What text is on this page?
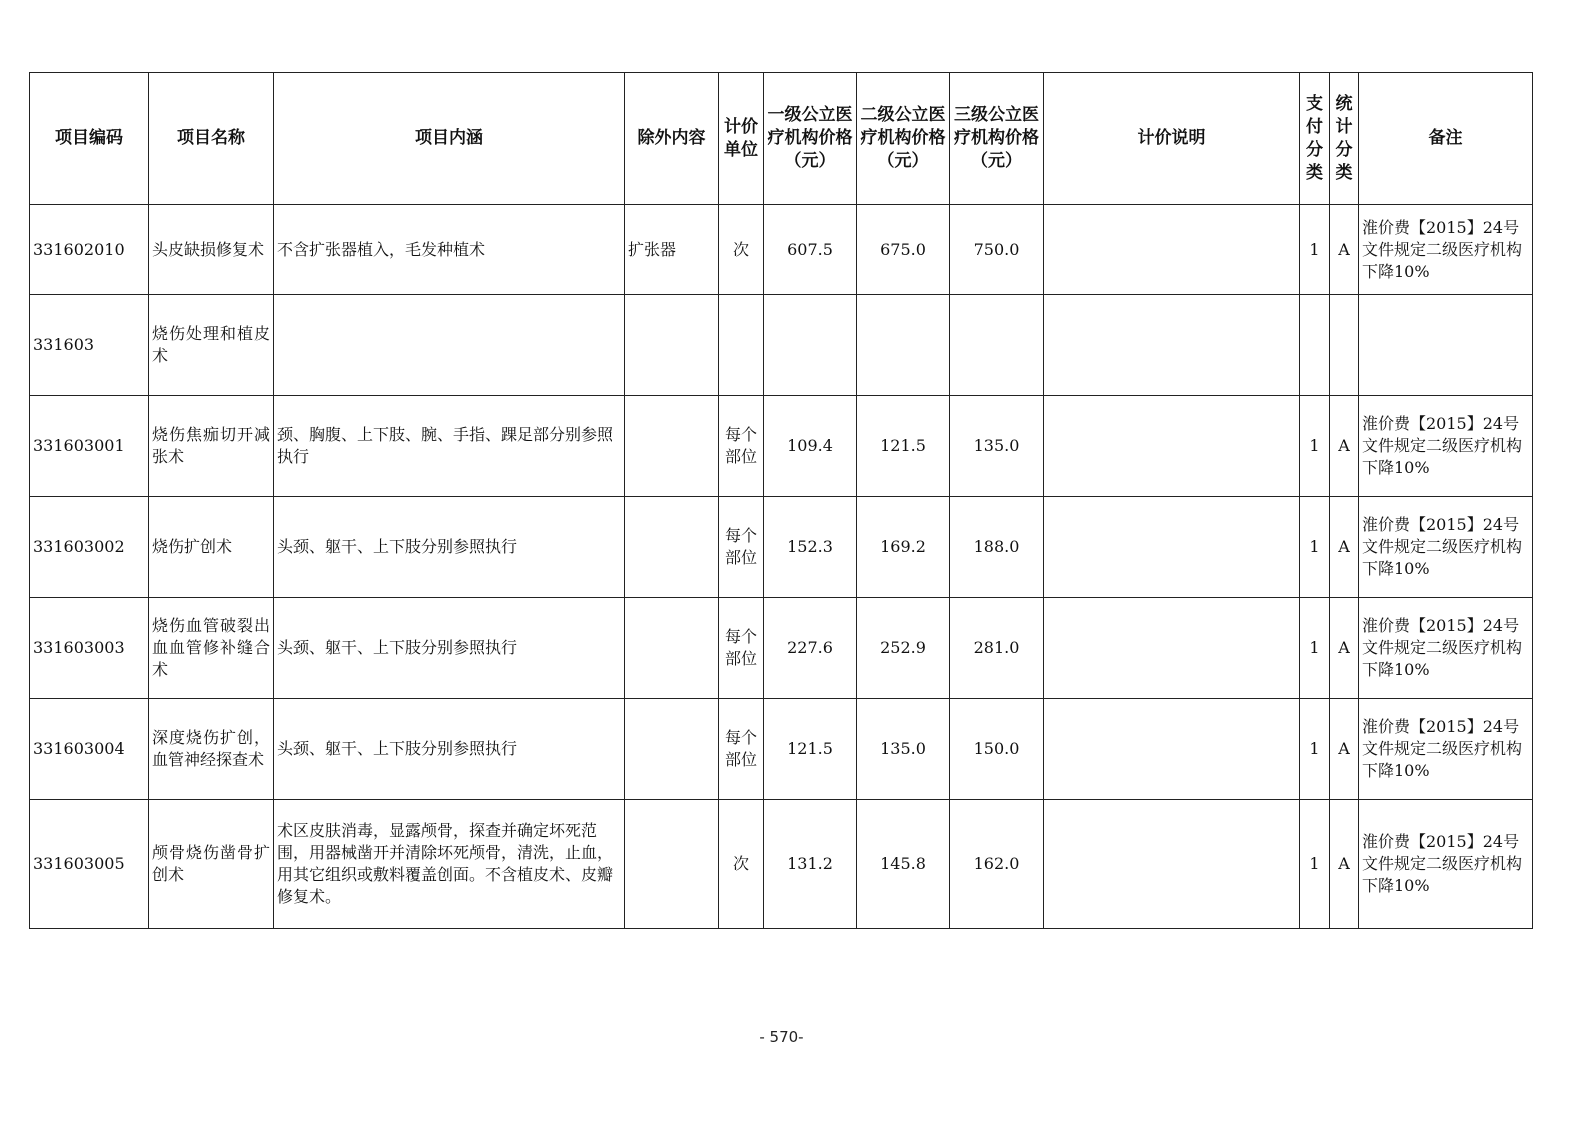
项目编码	项目名称	项目内涵	除外内容	计价单位	一级公立医疗机构价格（元）	二级公立医疗机构价格（元）	三级公立医疗机构价格（元）	计价说明	支付分类	统计分类	备注
331602010	头皮缺损修复术	不含扩张器植入，毛发种植术	扩张器	次	607.5	675.0	750.0		1	A	淮价费【2015】24号文件规定二级医疗机构下降10%
331603	烧伤处理和植皮术										
331603001	烧伤焦痂切开减张术	颈、胸腹、上下肢、腕、手指、踝足部分别参照执行		每个部位	109.4	121.5	135.0		1	A	淮价费【2015】24号文件规定二级医疗机构下降10%
331603002	烧伤扩创术	头颈、躯干、上下肢分别参照执行		每个部位	152.3	169.2	188.0		1	A	淮价费【2015】24号文件规定二级医疗机构下降10%
331603003	烧伤血管破裂出血血管修补缝合术	头颈、躯干、上下肢分别参照执行		每个部位	227.6	252.9	281.0		1	A	淮价费【2015】24号文件规定二级医疗机构下降10%
331603004	深度烧伤扩创，血管神经探查术	头颈、躯干、上下肢分别参照执行		每个部位	121.5	135.0	150.0		1	A	淮价费【2015】24号文件规定二级医疗机构下降10%
331603005	颅骨烧伤凿骨扩创术	术区皮肤消毒，显露颅骨，探查并确定坏死范围，用器械凿开并清除坏死颅骨，清洗，止血，用其它组织或敷料覆盖创面。不含植皮术、皮瓣修复术。		次	131.2	145.8	162.0		1	A	淮价费【2015】24号文件规定二级医疗机构下降10%
- 570-
